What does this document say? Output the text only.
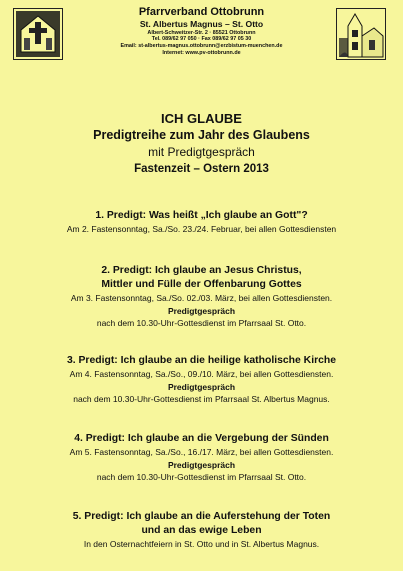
Pfarrverband Ottobrunn
St. Albertus Magnus – St. Otto
Albert-Schweitzer-Str. 2 · 85521 Ottobrunn
Tel. 089/62 97 050 · Fax 089/62 97 05 30
Email: st-albertus-magnus.ottobrunn@erzbistum-muenchen.de
Internet: www.pv-ottobrunn.de
ICH GLAUBE
Predigtreihe zum Jahr des Glaubens
mit Predigtgespräch
Fastenzeit – Ostern 2013
1. Predigt: Was heißt „Ich glaube an Gott"?
Am 2. Fastensonntag, Sa./So. 23./24. Februar, bei allen Gottesdiensten
2. Predigt: Ich glaube an Jesus Christus,
Mittler und Fülle der Offenbarung Gottes
Am 3. Fastensonntag, Sa./So. 02./03. März, bei allen Gottesdiensten.
Predigtgespräch
nach dem 10.30-Uhr-Gottesdienst im Pfarrsaal St. Otto.
3. Predigt: Ich glaube an die heilige katholische Kirche
Am 4. Fastensonntag, Sa./So., 09./10. März, bei allen Gottesdiensten.
Predigtgespräch
nach dem 10.30-Uhr-Gottesdienst im Pfarrsaal St. Albertus Magnus.
4. Predigt: Ich glaube an die Vergebung der Sünden
Am 5. Fastensonntag, Sa./So., 16./17. März, bei allen Gottesdiensten.
Predigtgespräch
nach dem 10.30-Uhr-Gottesdienst im Pfarrsaal St. Otto.
5. Predigt: Ich glaube an die Auferstehung der Toten
und an das ewige Leben
In den Osternachtfeiern in St. Otto und in St. Albertus Magnus.
